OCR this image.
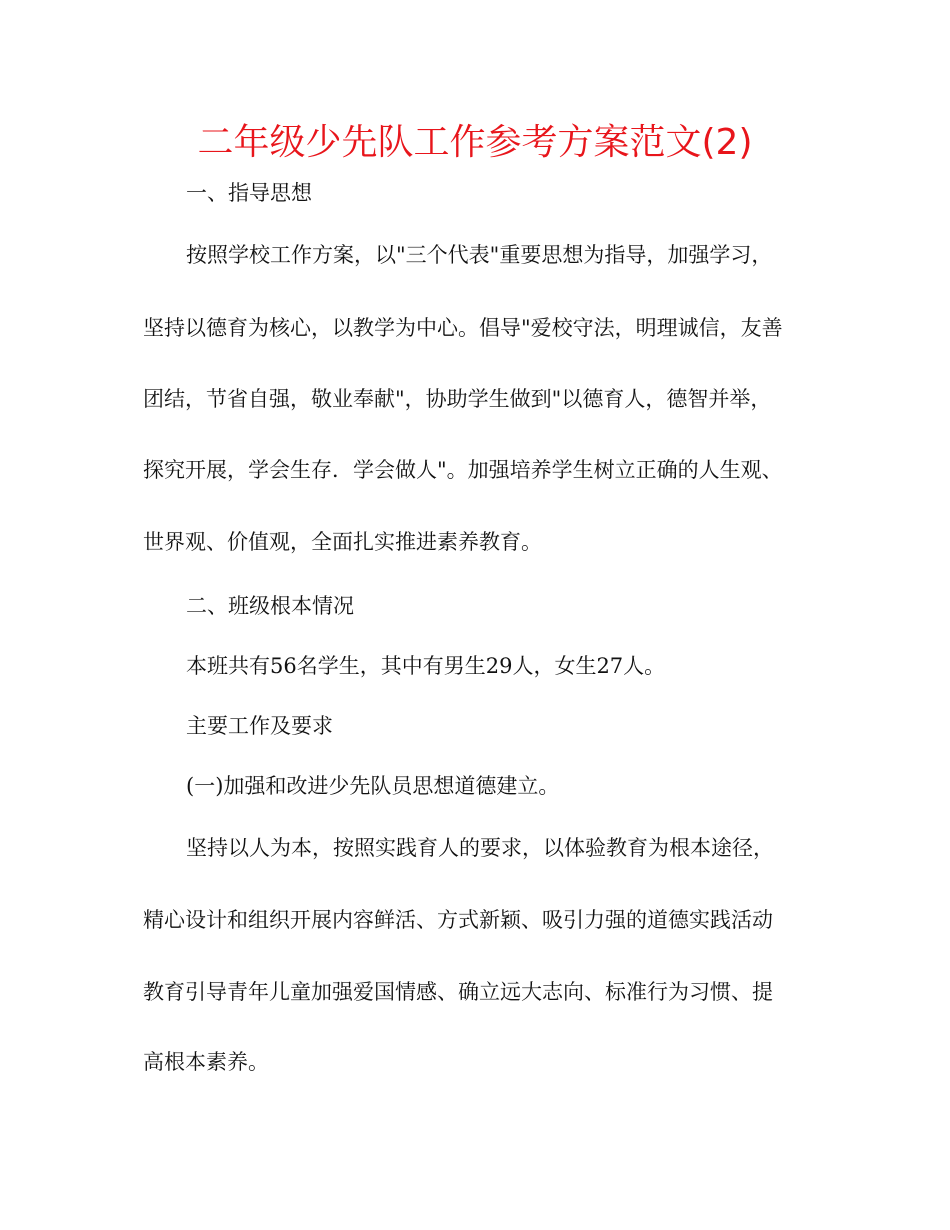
二年级少先队工作参考方案范文(2)

一、指导思想

按照学校工作方案，以"三个代表"重要思想为指导，加强学习，

坚持以德育为核心，以教学为中心。倡导"爱校守法，明理诚信，友善

团结，节省自强，敬业奉献"，协助学生做到"以德育人，德智并举，

探究开展，学会生存．学会做人"。加强培养学生树立正确的人生观、

世界观、价值观，全面扎实推进素养教育。

二、班级根本情况

本班共有56名学生，其中有男生29人，女生27人。

主要工作及要求

(一)加强和改进少先队员思想道德建立。

坚持以人为本，按照实践育人的要求，以体验教育为根本途径，

精心设计和组织开展内容鲜活、方式新颖、吸引力强的道德实践活动

教育引导青年儿童加强爱国情感、确立远大志向、标准行为习惯、提

高根本素养。
